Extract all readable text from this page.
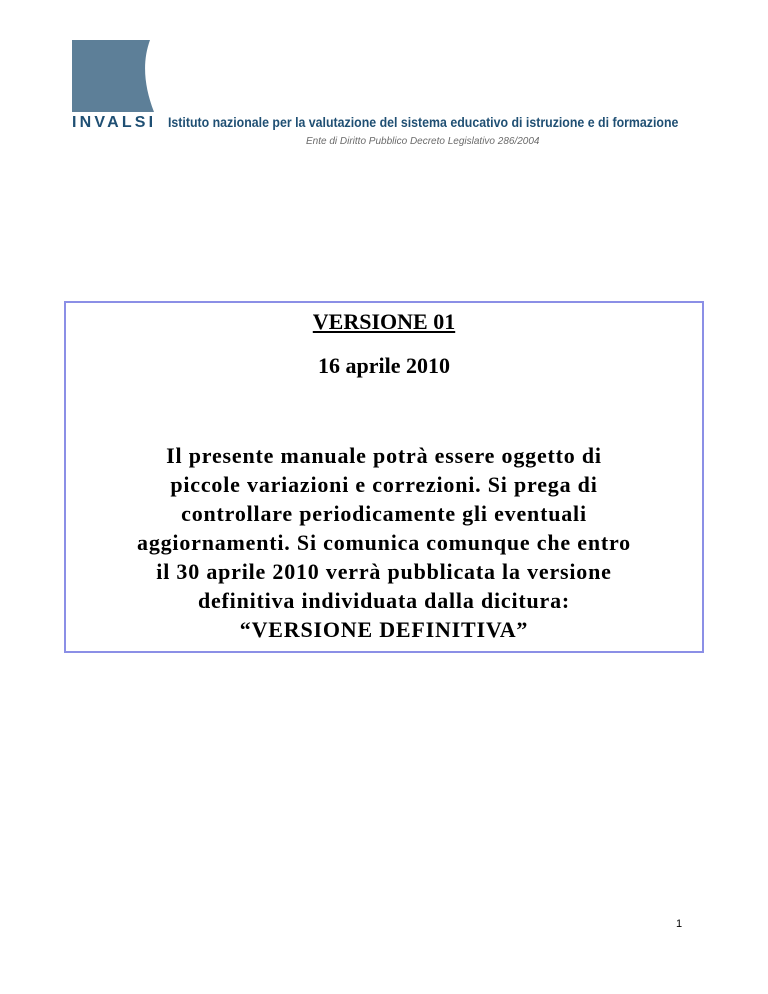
INVALSI Istituto nazionale per la valutazione del sistema educativo di istruzione e di formazione
Ente di Diritto Pubblico Decreto Legislativo 286/2004
VERSIONE 01
16 aprile 2010
Il presente manuale potrà essere oggetto di
piccole variazioni e correzioni. Si prega di
controllare periodicamente gli eventuali
aggiornamenti. Si comunica comunque che entro
il 30 aprile 2010 verrà pubblicata la versione
definitiva individuata dalla dicitura:
“VERSIONE DEFINITIVA”
1
